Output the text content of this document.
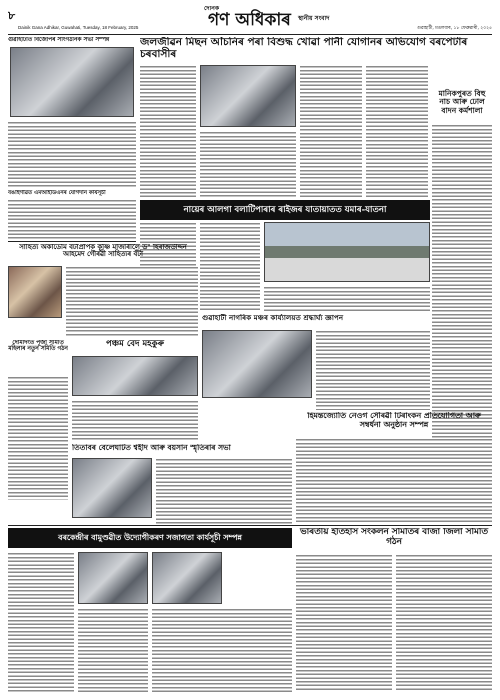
৮
দৈনিক
গণ অধিকাৰ স্থানীয় সংবাদ
Dainik Gana Adhikar, Guwahati, Tuesday, 18 February, 2025	গুৱাহাটী, মঙলবাৰ, ১৮ ফেব্ৰুৱাৰী, ২০২৫
গুৱাহাটীত বিজেপিৰ সাংগঠনিক সভা সম্পন্ন	জলজীৱন মিছন আঁচনিৰ পৰা বিশুদ্ধ খোৱা পানী যোগানৰ অভিযোগ বৰপেটাৰ চৰবাসীৰ
বঙাইগাঁৱত এমআইডিএনৰ যোগদান কাৰ্যসূচী
মানিকপুৰত বিহু নাচ আৰু ঢোল বাদন কৰ্মশালা
নায়েৰ আলগা বলাটিপাৰাৰ ৰাইজৰ যাতায়াতত যমাৰ-যাতনা
সাহিত্য অকাডেমি বঁটাপ্ৰাপক কৃষ্ণি মাজাৰীলৈ ড° হিৰাজউদ্দিন আহমেদ গৌৰৱী সাহিত্যৰ বঁটা
গুৱাহাটী নাগৰিক মঞ্চৰ কাৰ্য্যালয়ত শ্ৰদ্ধাৰ্ঘ্য জ্ঞাপন
দোমদিংত পূজা সমিতি মহিলাৰ নতুন সমিতি গঠন
পঞ্চম বেদ মহকুৰু
তিতাবৰ বেলেঘাটত শ্বহীদ আৰু বয়সান স্মৃতিৰাৰ সভা
হিমন্তজ্যোতি নেওগ সৌৰৱী টিৰাংকন প্ৰতিযোগিতা আৰু সম্বৰ্ধনা অনুষ্ঠান সম্পন্ন
বৰকেন্দ্ৰীৰ বামুণ্ডৱীত উদ্যোগীকৰণ সজাগতা কাৰ্যসূচী সম্পন্ন	ভাৰতীয় ইতিহাস সংকলন সমিতিৰ বাজা জিলা সমিতি গঠন
